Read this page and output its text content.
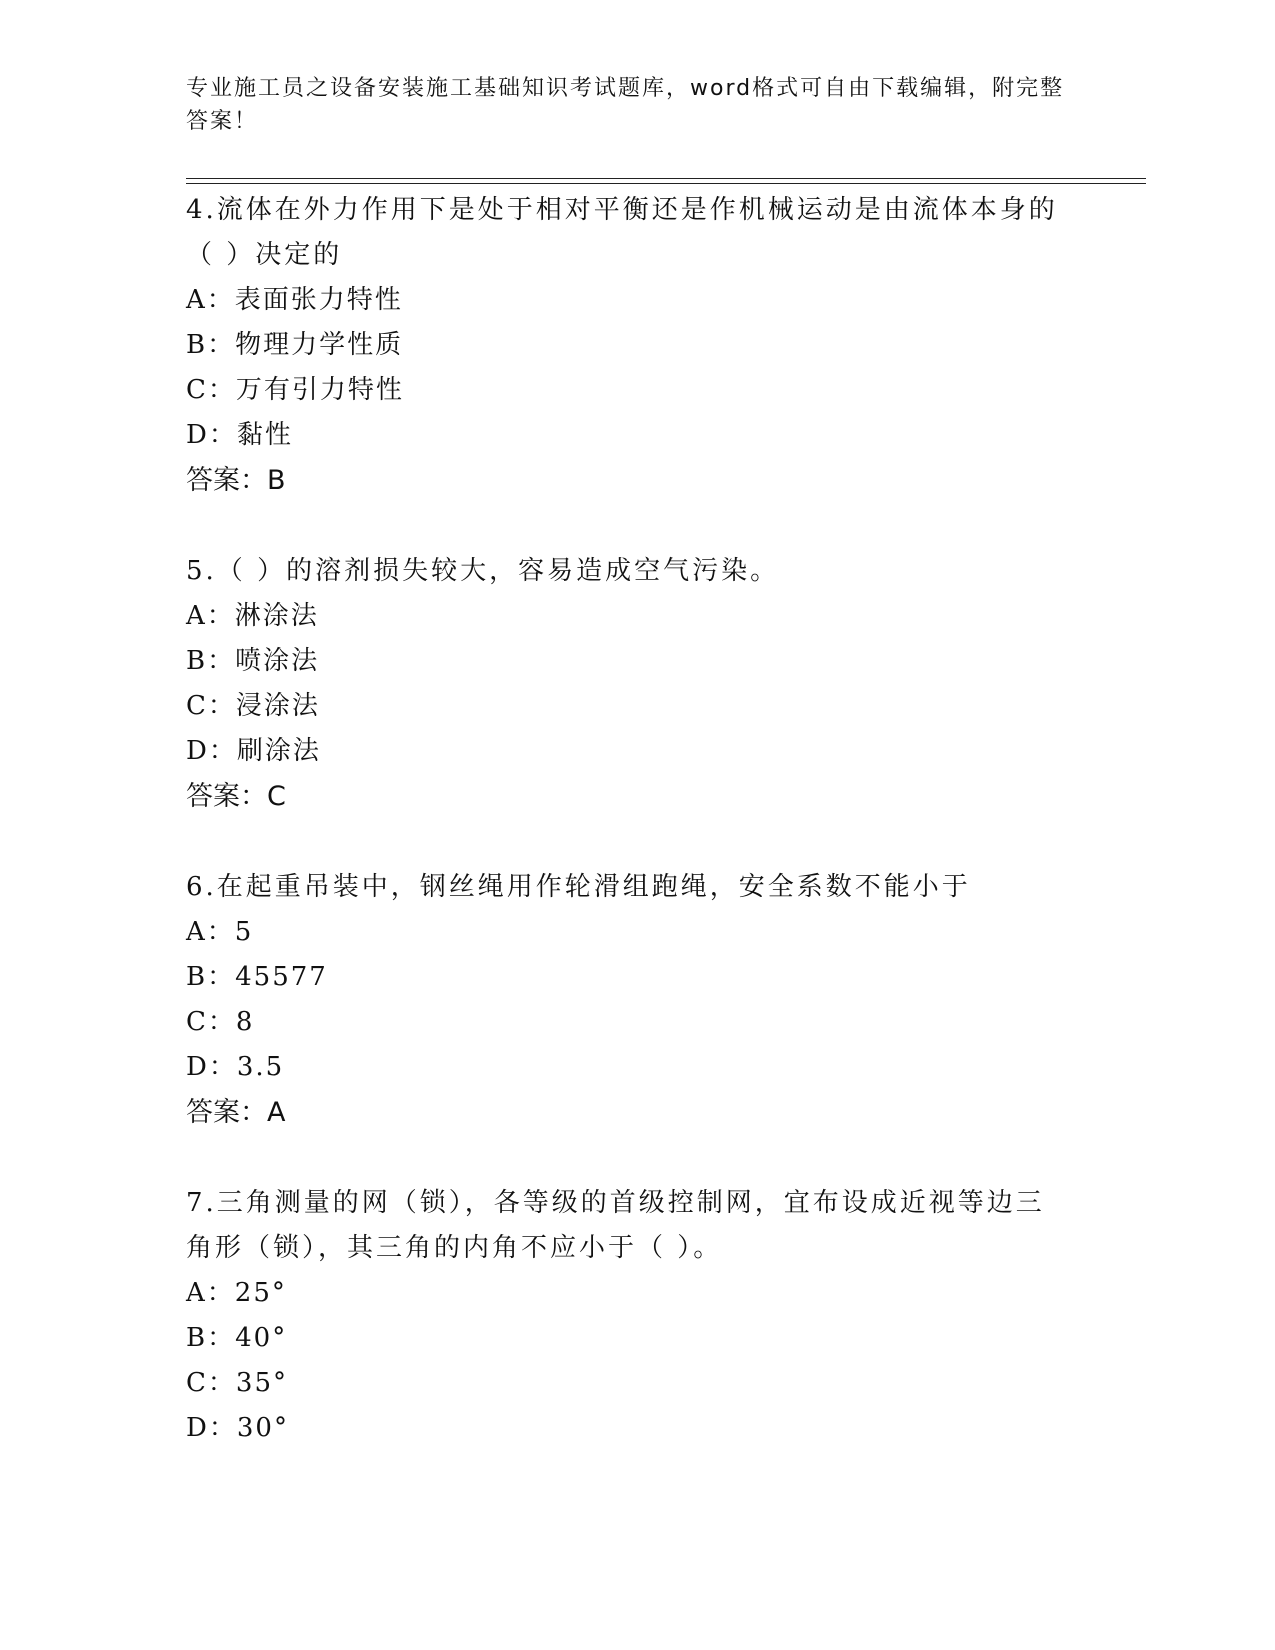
专业施工员之设备安装施工基础知识考试题库，word格式可自由下载编辑，附完整答案！
4.流体在外力作用下是处于相对平衡还是作机械运动是由流体本身的（ ）决定的
A：表面张力特性
B：物理力学性质
C：万有引力特性
D：黏性
答案：B
5.（ ）的溶剂损失较大，容易造成空气污染。
A：淋涂法
B：喷涂法
C：浸涂法
D：刷涂法
答案：C
6.在起重吊装中，钢丝绳用作轮滑组跑绳，安全系数不能小于
A：5
B：45577
C：8
D：3.5
答案：A
7.三角测量的网（锁），各等级的首级控制网，宜布设成近视等边三角形（锁），其三角的内角不应小于（ ）。
A：25°
B：40°
C：35°
D：30°
